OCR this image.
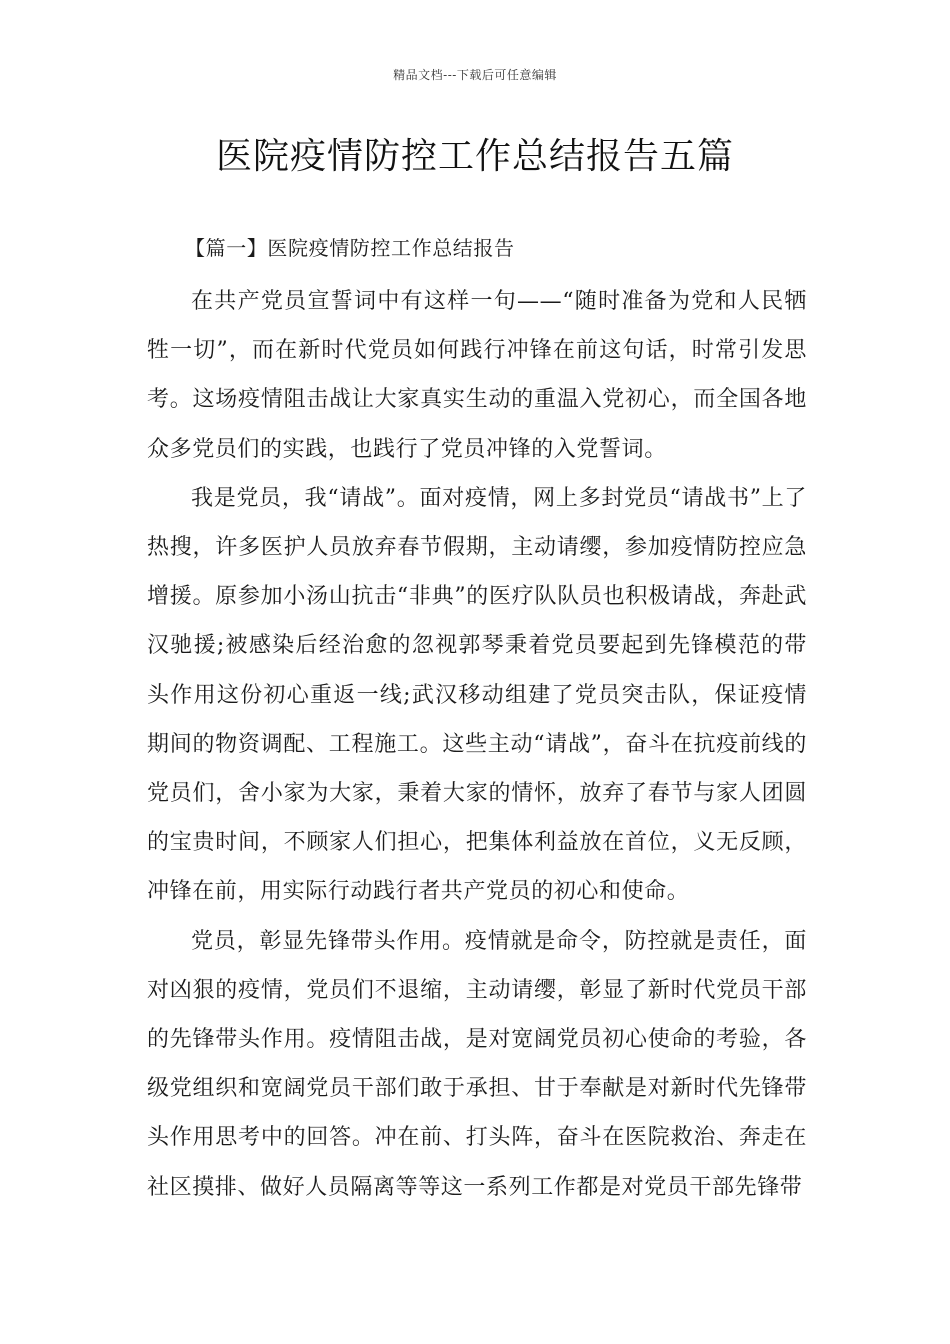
精品文档---下载后可任意编辑
医院疫情防控工作总结报告五篇
【篇一】医院疫情防控工作总结报告

在共产党员宣誓词中有这样一句——“随时准备为党和人民牺牲一切”，而在新时代党员如何践行冲锋在前这句话，时常引发思考。这场疫情阻击战让大家真实生动的重温入党初心，而全国各地众多党员们的实践，也践行了党员冲锋的入党誓词。

我是党员，我“请战”。面对疫情，网上多封党员“请战书”上了热搜，许多医护人员放弃春节假期，主动请缨，参加疫情防控应急增援。原参加小汤山抗击“非典”的医疗队队员也积极请战，奔赴武汉驰援;被感染后经治愈的忽视郭琴秉着党员要起到先锋模范的带头作用这份初心重返一线;武汉移动组建了党员突击队，保证疫情期间的物资调配、工程施工。这些主动“请战”，奋斗在抗疫前线的党员们，舍小家为大家，秉着大家的情怀，放弃了春节与家人团圆的宝贵时间，不顾家人们担心，把集体利益放在首位，义无反顾，冲锋在前，用实际行动践行者共产党员的初心和使命。

党员，彰显先锋带头作用。疫情就是命令，防控就是责任，面对凶狠的疫情，党员们不退缩，主动请缨，彰显了新时代党员干部的先锋带头作用。疫情阻击战，是对宽阔党员初心使命的考验，各级党组织和宽阔党员干部们敢于承担、甘于奉献是对新时代先锋带头作用思考中的回答。冲在前、打头阵，奋斗在医院救治、奔走在社区摸排、做好人员隔离等等这一系列工作都是对党员干部先锋带
